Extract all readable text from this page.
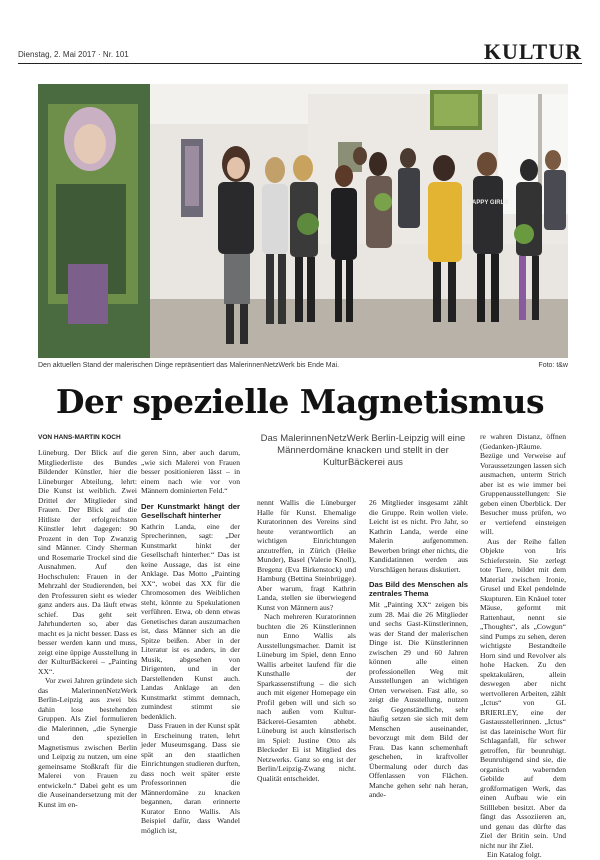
Dienstag, 2. Mai 2017 · Nr. 101	KULTUR
HAPPY GIRLS
Den aktuellen Stand der malerischen Dinge repräsentiert das MalerinnenNetzWerk bis Ende Mai.	Foto: t&w
Der spezielle Magnetismus
VON HANS-MARTIN KOCH	Das MalerinnenNetzWerk Berlin-Leipzig will eine Männerdomäne knacken und stellt in der KulturBäckerei aus

Lüneburg. Der Blick auf die Mitgliederliste des Bundes Bildender Künstler, hier die Lüneburger Abteilung, lehrt: Die Kunst ist weiblich. Zwei Drittel der Mitglieder sind Frauen. Der Blick auf die Hitliste der erfolgreichsten Künstler lehrt dagegen: 90 Prozent in den Top Zwanzig sind Männer. Cindy Sherman und Rosemarie Trockel sind die Ausnahmen. Auf den Hochschulen: Frauen in der Mehrzahl der Studierenden, bei den Professuren sieht es wieder ganz anders aus. Da läuft etwas schief. Das geht seit Jahrhunderten so, aber das macht es ja nicht besser. Dass es besser werden kann und muss, zeigt eine üppige Ausstellung in der KulturBäckerei – „Painting XX“.

Vor zwei Jahren gründete sich das MalerinnenNetzWerk Berlin-Leipzig aus zwei bis dahin lose bestehenden Gruppen. Als Ziel formulieren die Malerinnen, „die Synergie und den speziellen Magnetismus zwischen Berlin und Leipzig zu nutzen, um eine gemeinsame Stoßkraft für die Malerei von Frauen zu entwickeln.“ Dabei geht es um die Auseinandersetzung mit der Kunst im en-

geren Sinn, aber auch darum, „wie sich Malerei von Frauen besser positionieren lässt – in einem nach wie vor von Männern dominierten Feld.“

Der Kunstmarkt hängt der Gesellschaft hinterher

Kathrin Landa, eine der Sprecherinnen, sagt: „Der Kunstmarkt hinkt der Gesellschaft hinterher.“ Das ist keine Aussage, das ist eine Anklage. Das Motto „Painting XX“, wobei das XX für die Chromosomen des Weiblichen steht, könnte zu Spekulationen verführen. Etwa, ob denn etwas Genetisches daran auszumachen ist, dass Männer sich an die Spitze beißen. Aber in der Literatur ist es anders, in der Musik, abgesehen von Dirigenten, und in der Darstellenden Kunst auch. Landas Anklage an den Kunstmarkt stimmt demnach, zumindest stimmt sie bedenklich.

Dass Frauen in der Kunst spät in Erscheinung traten, lehrt jeder Museumsgang. Dass sie spät an den staatlichen Einrichtungen studieren durften, dass noch weit später erste Professorinnen die Männerdomäne zu knacken begannen, daran erinnerte Kurator Enno Wallis. Als Beispiel dafür, dass Wandel möglich ist,

nennt Wallis die Lüneburger Halle für Kunst. Ehemalige Kuratorinnen des Vereins sind heute verantwortlich an wichtigen Einrichtungen anzutreffen, in Zürich (Heike Munder), Basel (Valerie Knoll), Bregenz (Eva Birkenstock) und Hamburg (Bettina Steinbrügge). Aber warum, fragt Kathrin Landa, stellen sie überwiegend Kunst von Männern aus?

Nach mehreren Kuratorinnen buchten die 26 Künstlerinnen nun Enno Wallis als Ausstellungsmacher. Damit ist Lüneburg im Spiel, denn Enno Wallis arbeitet laufend für die Kunsthalle der Sparkassenstiftung – die sich auch mit eigener Homepage ein Profil geben will und sich so nach außen vom Kultur-Bäckerei-Gesamten abhebt. Lüneburg ist auch künstlerisch im Spiel: Justine Otto als Bleckeder Ei ist Mitglied des Netzwerks. Ganz so eng ist der Berlin/Leipzig-Zwang nicht. Qualität entscheidet.

26 Mitglieder insgesamt zählt die Gruppe. Rein wollen viele. Leicht ist es nicht. Pro Jahr, so Kathrin Landa, werde eine Malerin aufgenommen. Bewerben bringt eher nichts, die Kandidatinnen werden aus Vorschlägen heraus diskutiert.

Das Bild des Menschen als zentrales Thema

Mit „Painting XX“ zeigen bis zum 28. Mai die 26 Mitglieder und sechs Gast-Künstlerinnen, was der Stand der malerischen Dinge ist. Die Künstlerinnen zwischen 29 und 60 Jahren können alle einen professionellen Weg mit Ausstellungen an wichtigen Orten verweisen. Fast alle, so zeigt die Ausstellung, nutzen das Gegenständliche, sehr häufig setzen sie sich mit dem Menschen auseinander, bevorzugt mit dem Bild der Frau. Das kann schemenhaft geschehen, in kraftvoller Übermalung oder durch das Offenlassen von Flächen. Manche gehen sehr nah heran, ande-

re wahren Distanz, öffnen (Gedanken-)Räume. Bezüge und Verweise auf Voraussetzungen lassen sich ausmachen, unterm Strich aber ist es wie immer bei Gruppenausstellungen: Sie geben einen Überblick. Der Besucher muss prüfen, wo er vertiefend einsteigen will.

Aus der Reihe fallen Objekte von Iris Schieferstein. Sie zerlegt tote Tiere, bildet mit dem Material zwischen Ironie, Grusel und Ekel pendelnde Skupturen. Ein Knäuel toter Mäuse, geformt mit Rattenhaut, nennt sie „Thoughts“, als „Cowgun“ sind Pumps zu sehen, deren wichtigste Bestandteile Horn sind und Revolver als hohe Hacken. Zu den spektakulären, allein deswegen aber nicht wertvolleren Arbeiten, zählt „Ictus“ von GL BRIERLEY, eine der Gastausstellerinnen. „Ictus“ ist das lateinische Wort für Schlaganfall, für schwer getroffen, für beunruhigt. Beunruhigend sind sie, die organisch wabernden Gebilde auf dem großformatigen Werk, das einen Aufbau wie ein Stillleben besitzt. Aber da fängt das Assoziieren an, und genau das dürfte das Ziel der Britin sein. Und nicht nur ihr Ziel.

Ein Katalog folgt.
